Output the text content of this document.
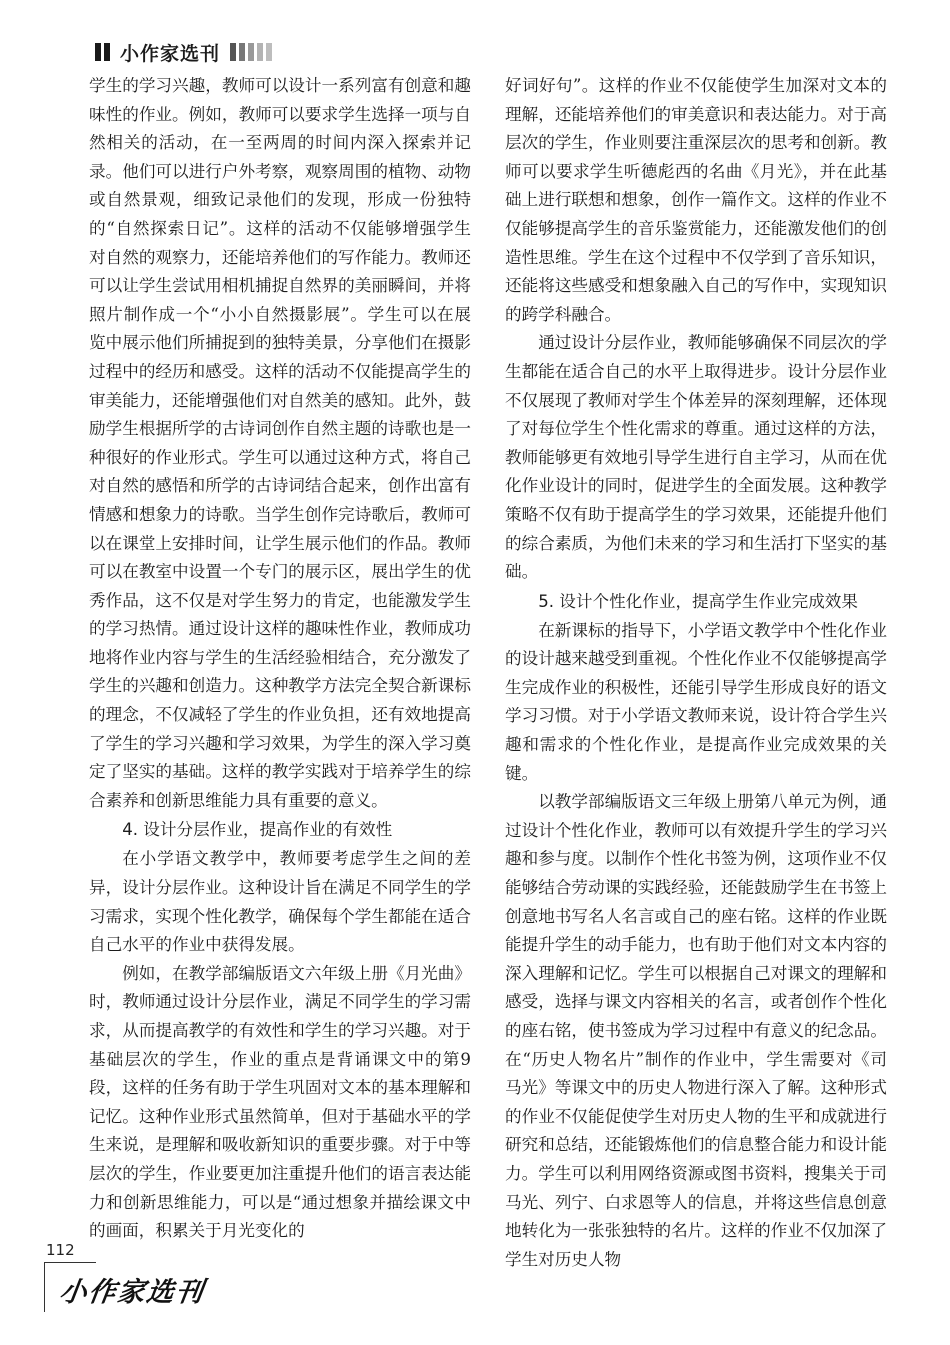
小作家选刊

学生的学习兴趣，教师可以设计一系列富有创意和趣味性的作业。例如，教师可以要求学生选择一项与自然相关的活动，在一至两周的时间内深入探索并记录。他们可以进行户外考察，观察周围的植物、动物或自然景观，细致记录他们的发现，形成一份独特的“自然探索日记”。这样的活动不仅能够增强学生对自然的观察力，还能培养他们的写作能力。教师还可以让学生尝试用相机捕捉自然界的美丽瞬间，并将照片制作成一个“小小自然摄影展”。学生可以在展览中展示他们所捕捉到的独特美景，分享他们在摄影过程中的经历和感受。这样的活动不仅能提高学生的审美能力，还能增强他们对自然美的感知。此外，鼓励学生根据所学的古诗词创作自然主题的诗歌也是一种很好的作业形式。学生可以通过这种方式，将自己对自然的感悟和所学的古诗词结合起来，创作出富有情感和想象力的诗歌。当学生创作完诗歌后，教师可以在课堂上安排时间，让学生展示他们的作品。教师可以在教室中设置一个专门的展示区，展出学生的优秀作品，这不仅是对学生努力的肯定，也能激发学生的学习热情。通过设计这样的趣味性作业，教师成功地将作业内容与学生的生活经验相结合，充分激发了学生的兴趣和创造力。这种教学方法完全契合新课标的理念，不仅减轻了学生的作业负担，还有效地提高了学生的学习兴趣和学习效果，为学生的深入学习奠定了坚实的基础。这样的教学实践对于培养学生的综合素养和创新思维能力具有重要的意义。

4. 设计分层作业，提高作业的有效性

在小学语文教学中，教师要考虑学生之间的差异，设计分层作业。这种设计旨在满足不同学生的学习需求，实现个性化教学，确保每个学生都能在适合自己水平的作业中获得发展。

例如，在教学部编版语文六年级上册《月光曲》时，教师通过设计分层作业，满足不同学生的学习需求，从而提高教学的有效性和学生的学习兴趣。对于基础层次的学生，作业的重点是背诵课文中的第9段，这样的任务有助于学生巩固对文本的基本理解和记忆。这种作业形式虽然简单，但对于基础水平的学生来说，是理解和吸收新知识的重要步骤。对于中等层次的学生，作业要更加注重提升他们的语言表达能力和创新思维能力，可以是“通过想象并描绘课文中的画面，积累关于月光变化的

好词好句”。这样的作业不仅能使学生加深对文本的理解，还能培养他们的审美意识和表达能力。对于高层次的学生，作业则要注重深层次的思考和创新。教师可以要求学生听德彪西的名曲《月光》，并在此基础上进行联想和想象，创作一篇作文。这样的作业不仅能够提高学生的音乐鉴赏能力，还能激发他们的创造性思维。学生在这个过程中不仅学到了音乐知识，还能将这些感受和想象融入自己的写作中，实现知识的跨学科融合。

通过设计分层作业，教师能够确保不同层次的学生都能在适合自己的水平上取得进步。设计分层作业不仅展现了教师对学生个体差异的深刻理解，还体现了对每位学生个性化需求的尊重。通过这样的方法，教师能够更有效地引导学生进行自主学习，从而在优化作业设计的同时，促进学生的全面发展。这种教学策略不仅有助于提高学生的学习效果，还能提升他们的综合素质，为他们未来的学习和生活打下坚实的基础。

5. 设计个性化作业，提高学生作业完成效果

在新课标的指导下，小学语文教学中个性化作业的设计越来越受到重视。个性化作业不仅能够提高学生完成作业的积极性，还能引导学生形成良好的语文学习习惯。对于小学语文教师来说，设计符合学生兴趣和需求的个性化作业，是提高作业完成效果的关键。

以教学部编版语文三年级上册第八单元为例，通过设计个性化作业，教师可以有效提升学生的学习兴趣和参与度。以制作个性化书签为例，这项作业不仅能够结合劳动课的实践经验，还能鼓励学生在书签上创意地书写名人名言或自己的座右铭。这样的作业既能提升学生的动手能力，也有助于他们对文本内容的深入理解和记忆。学生可以根据自己对课文的理解和感受，选择与课文内容相关的名言，或者创作个性化的座右铭，使书签成为学习过程中有意义的纪念品。在“历史人物名片”制作的作业中，学生需要对《司马光》等课文中的历史人物进行深入了解。这种形式的作业不仅能促使学生对历史人物的生平和成就进行研究和总结，还能锻炼他们的信息整合能力和设计能力。学生可以利用网络资源或图书资料，搜集关于司马光、列宁、白求恩等人的信息，并将这些信息创意地转化为一张张独特的名片。这样的作业不仅加深了学生对历史人物

112
小作家选刊
